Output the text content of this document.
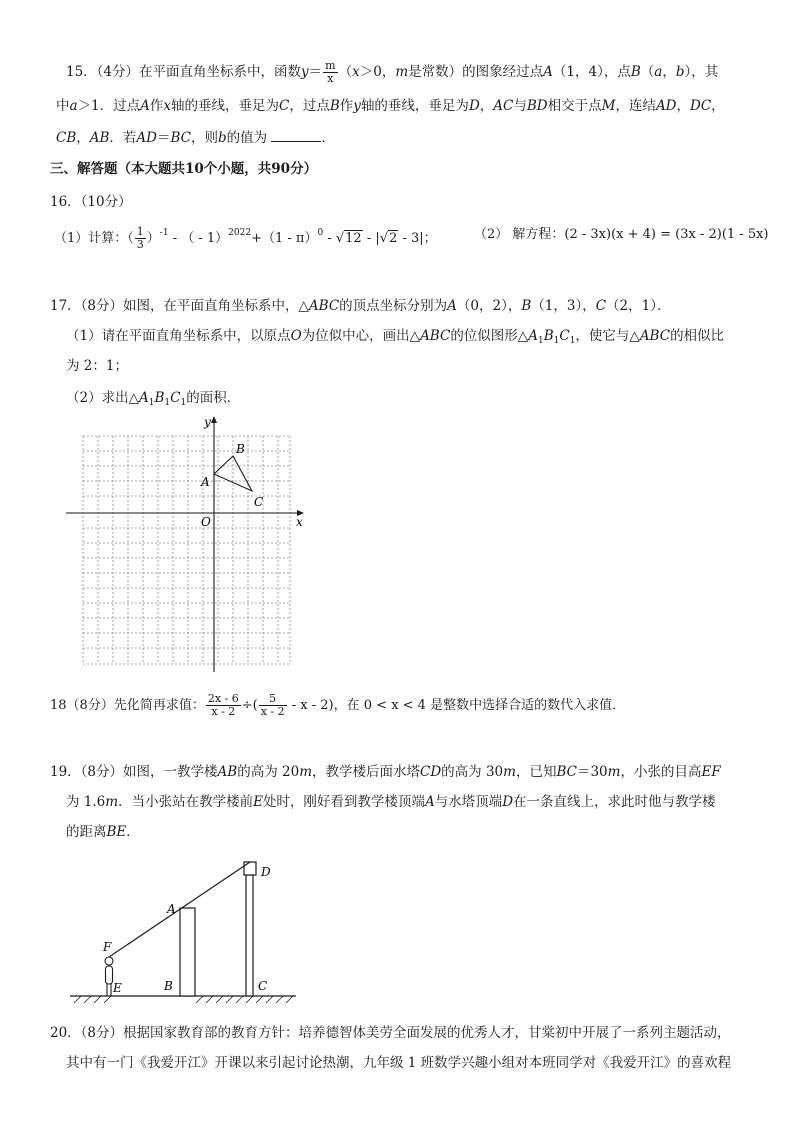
15．（4分）在平面直角坐标系中，函数$y= \frac{m}{x} (x>0$，m是常数）的图象经过点A（1，4），点B（a，b），其
中a＞1．过点A作x轴的垂线，垂足为C，过点B作y轴的垂线，垂足为D，AC与BD相交于点M，连结AD，DC，
CB，AB．若AD＝BC，则b的值为	．
三、解答题（本大题共10个小题，共90分）
16．（10分）
（1）计算：（ $\frac{1}{3} )^{-1}$ - （ - 1）$^{2022}$+（1 - π）$^0$ - √12 - |√2 - 3|；	（2） 解方程：(2 - 3x)(x + 4) = (3x - 2)(1 - 5x)
17．（8分）如图，在平面直角坐标系中，△ABC的顶点坐标分别为A（0，2），B（1，3），C（2，1）．
（1）请在平面直角坐标系中，以原点O为位似中心，画出△ABC的位似图形$\triangle A_1B_1C_1$，使它与△ABC的相似比
为 2：1；
（2）求出$\triangle A_1B_1C_1$的面积．
y
x
O
A
B
C
18（8分）先化简再求值： $\frac{2x - 6}{x - 2}$ ÷( $\frac{5}{x - 2}$ - x - 2)，在 0 < x < 4 是整数中选择合适的数代入求值．
19．（8分）如图，一教学楼AB的高为 20m，教学楼后面水塔CD的高为 30m，已知BC＝30m，小张的目高EF
为 1.6m．当小张站在教学楼前E处时，刚好看到教学楼顶端A与水塔顶端D在一条直线上，求此时他与教学楼
的距离BE．
A
B	C
D
E
F
20．（8分）根据国家教育部的教育方针：培养德智体美劳全面发展的优秀人才，甘棠初中开展了一系列主题活动，
其中有一门《我爱开江》开课以来引起讨论热潮，九年级 1 班数学兴趣小组对本班同学对《我爱开江》的喜欢程
